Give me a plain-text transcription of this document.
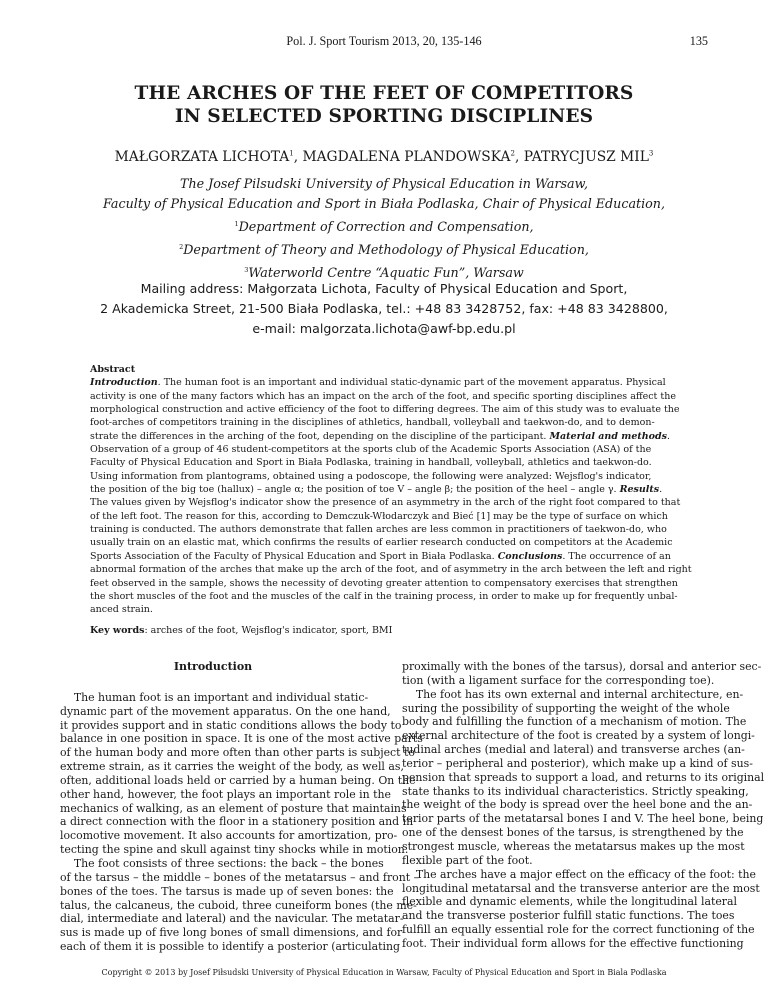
Pol. J. Sport Tourism 2013, 20, 135-146	135
THE ARCHES OF THE FEET OF COMPETITORS
IN SELECTED SPORTING DISCIPLINES
MAŁGORZATA LICHOTA$^1$, MAGDALENA PLANDOWSKA$^2$, PATRYCJUSZ MIL$^3$
The Josef Pilsudski University of Physical Education in Warsaw,
Faculty of Physical Education and Sport in Biała Podlaska, Chair of Physical Education,
$^1$Department of Correction and Compensation,
$^2$Department of Theory and Methodology of Physical Education,
$^3$Waterworld Centre “Aquatic Fun”, Warsaw
Mailing address: Małgorzata Lichota, Faculty of Physical Education and Sport,
2 Akademicka Street, 21-500 Biała Podlaska, tel.: +48 83 3428752, fax: +48 83 3428800,
e-mail: malgorzata.lichota@awf-bp.edu.pl
Abstract
Introduction. The human foot is an important and individual static-dynamic part of the movement apparatus. Physical
activity is one of the many factors which has an impact on the arch of the foot, and specific sporting disciplines affect the
morphological construction and active efficiency of the foot to differing degrees. The aim of this study was to evaluate the
foot-arches of competitors training in the disciplines of athletics, handball, volleyball and taekwon-do, and to demon-
strate the differences in the arching of the foot, depending on the discipline of the participant. Material and methods.
Observation of a group of 46 student-competitors at the sports club of the Academic Sports Association (ASA) of the
Faculty of Physical Education and Sport in Biała Podlaska, training in handball, volleyball, athletics and taekwon-do.
Using information from plantograms, obtained using a podoscope, the following were analyzed: Wejsflog's indicator,
the position of the big toe (hallux) – angle α; the position of toe V – angle β; the position of the heel – angle γ. Results.
The values given by Wejsflog's indicator show the presence of an asymmetry in the arch of the right foot compared to that
of the left foot. The reason for this, according to Demczuk-Włodarczyk and Bieć [1] may be the type of surface on which
training is conducted. The authors demonstrate that fallen arches are less common in practitioners of taekwon-do, who
usually train on an elastic mat, which confirms the results of earlier research conducted on competitors at the Academic
Sports Association of the Faculty of Physical Education and Sport in Biała Podlaska. Conclusions. The occurrence of an
abnormal formation of the arches that make up the arch of the foot, and of asymmetry in the arch between the left and right
feet observed in the sample, shows the necessity of devoting greater attention to compensatory exercises that strengthen
the short muscles of the foot and the muscles of the calf in the training process, in order to make up for frequently unbal-
anced strain.
Key words: arches of the foot, Wejsflog's indicator, sport, BMI
Introduction
The human foot is an important and individual static-
dynamic part of the movement apparatus. On the one hand,
it provides support and in static conditions allows the body to
balance in one position in space. It is one of the most active parts
of the human body and more often than other parts is subject to
extreme strain, as it carries the weight of the body, as well as,
often, additional loads held or carried by a human being. On the
other hand, however, the foot plays an important role in the
mechanics of walking, as an element of posture that maintains
a direct connection with the floor in a stationery position and in
locomotive movement. It also accounts for amortization, pro-
tecting the spine and skull against tiny shocks while in motion.
The foot consists of three sections: the back – the bones
of the tarsus – the middle – bones of the metatarsus – and front –
bones of the toes. The tarsus is made up of seven bones: the
talus, the calcaneus, the cuboid, three cuneiform bones (the me-
dial, intermediate and lateral) and the navicular. The metatar-
sus is made up of five long bones of small dimensions, and for
each of them it is possible to identify a posterior (articulating
proximally with the bones of the tarsus), dorsal and anterior sec-
tion (with a ligament surface for the corresponding toe).
The foot has its own external and internal architecture, en-
suring the possibility of supporting the weight of the whole
body and fulfilling the function of a mechanism of motion. The
external architecture of the foot is created by a system of longi-
tudinal arches (medial and lateral) and transverse arches (an-
terior – peripheral and posterior), which make up a kind of sus-
pension that spreads to support a load, and returns to its original
state thanks to its individual characteristics. Strictly speaking,
the weight of the body is spread over the heel bone and the an-
terior parts of the metatarsal bones I and V. The heel bone, being
one of the densest bones of the tarsus, is strengthened by the
strongest muscle, whereas the metatarsus makes up the most
flexible part of the foot.
The arches have a major effect on the efficacy of the foot: the
longitudinal metatarsal and the transverse anterior are the most
flexible and dynamic elements, while the longitudinal lateral
and the transverse posterior fulfill static functions. The toes
fulfill an equally essential role for the correct functioning of the
foot. Their individual form allows for the effective functioning
Copyright © 2013 by Josef Piłsudski University of Physical Education in Warsaw, Faculty of Physical Education and Sport in Biala Podlaska
